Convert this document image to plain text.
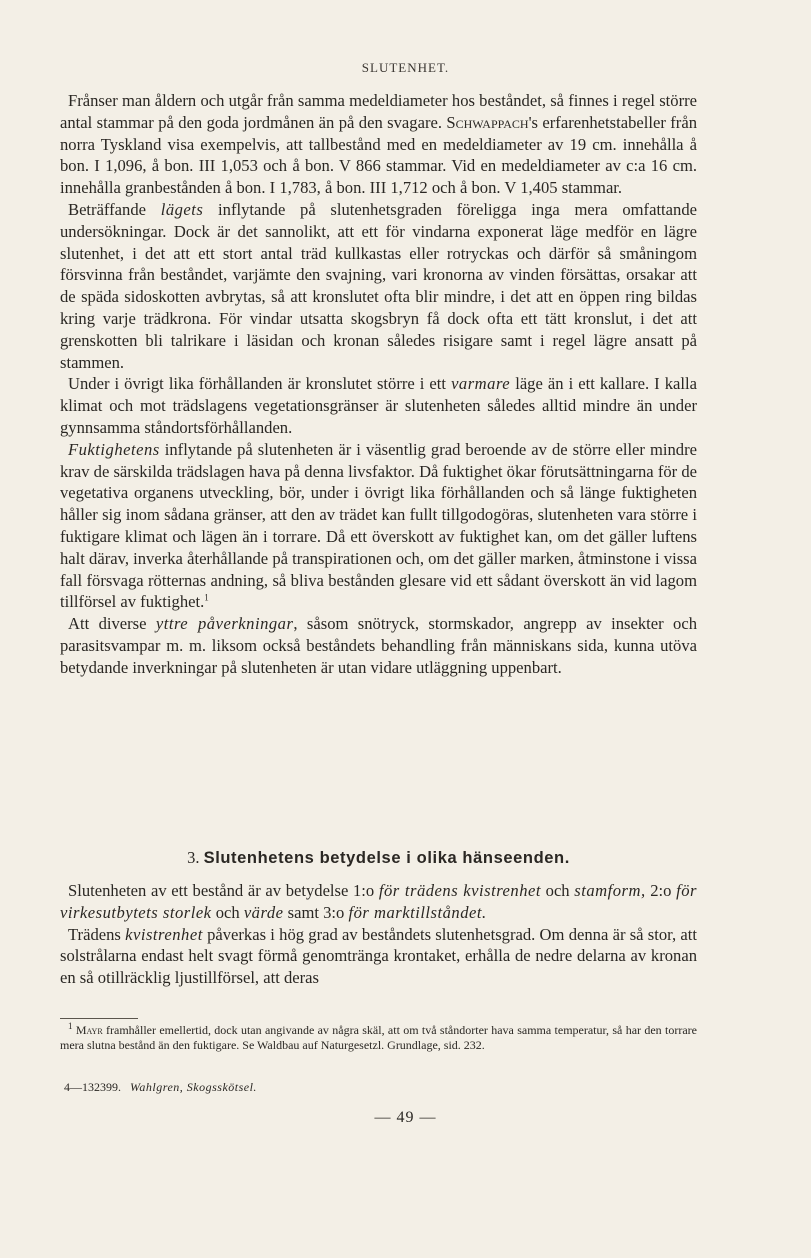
SLUTENHET.

Frånser man åldern och utgår från samma medeldiameter hos beståndet, så finnes i regel större antal stammar på den goda jordmånen än på den svagare. Schwappach's erfarenhetstabeller från norra Tyskland visa exempelvis, att tallbestånd med en medeldiameter av 19 cm. innehålla å bon. I 1,096, å bon. III 1,053 och å bon. V 866 stammar. Vid en medeldiameter av c:a 16 cm. innehålla granbestånden å bon. I 1,783, å bon. III 1,712 och å bon. V 1,405 stammar.

Beträffande lägets inflytande på slutenhetsgraden föreligga inga mera omfattande undersökningar. Dock är det sannolikt, att ett för vindarna exponerat läge medför en lägre slutenhet, i det att ett stort antal träd kullkastas eller rotryckas och därför så småningom försvinna från beståndet, varjämte den svajning, vari kronorna av vinden försättas, orsakar att de späda sidoskotten avbrytas, så att kronslutet ofta blir mindre, i det att en öppen ring bildas kring varje trädkrona. För vindar utsatta skogsbryn få dock ofta ett tätt kronslut, i det att grenskotten bli talrikare i läsidan och kronan således risigare samt i regel lägre ansatt på stammen.

Under i övrigt lika förhållanden är kronslutet större i ett varmare läge än i ett kallare. I kalla klimat och mot trädslagens vegetationsgränser är slutenheten således alltid mindre än under gynnsamma ståndortsförhållanden.

Fuktighetens inflytande på slutenheten är i väsentlig grad beroende av de större eller mindre krav de särskilda trädslagen hava på denna livsfaktor. Då fuktighet ökar förutsättningarna för de vegetativa organens utveckling, bör, under i övrigt lika förhållanden och så länge fuktigheten håller sig inom sådana gränser, att den av trädet kan fullt tillgodogöras, slutenheten vara större i fuktigare klimat och lägen än i torrare. Då ett överskott av fuktighet kan, om det gäller luftens halt därav, inverka återhållande på transpirationen och, om det gäller marken, åtminstone i vissa fall försvaga rötternas andning, så bliva bestånden glesare vid ett sådant överskott än vid lagom tillförsel av fuktighet.$^1$

Att diverse yttre påverkningar, såsom snötryck, stormskador, angrepp av insekter och parasitsvampar m. m. liksom också beståndets behandling från människans sida, kunna utöva betydande inverkningar på slutenheten är utan vidare utläggning uppenbart.

3. Slutenhetens betydelse i olika hänseenden.

Slutenheten av ett bestånd är av betydelse 1:o för trädens kvistrenhet och stamform, 2:o för virkesutbytets storlek och värde samt 3:o för marktillståndet.

Trädens kvistrenhet påverkas i hög grad av beståndets slutenhetsgrad. Om denna är så stor, att solstrålarna endast helt svagt förmå genomtränga krontaket, erhålla de nedre delarna av kronan en så otillräcklig ljustillförsel, att deras

$^1$ Mayr framhåller emellertid, dock utan angivande av några skäl, att om två ståndorter hava samma temperatur, så har den torrare mera slutna bestånd än den fuktigare. Se Waldbau auf Naturgesetzl. Grundlage, sid. 232.
4—132399. Wahlgren, Skogsskötsel.
— 49 —
